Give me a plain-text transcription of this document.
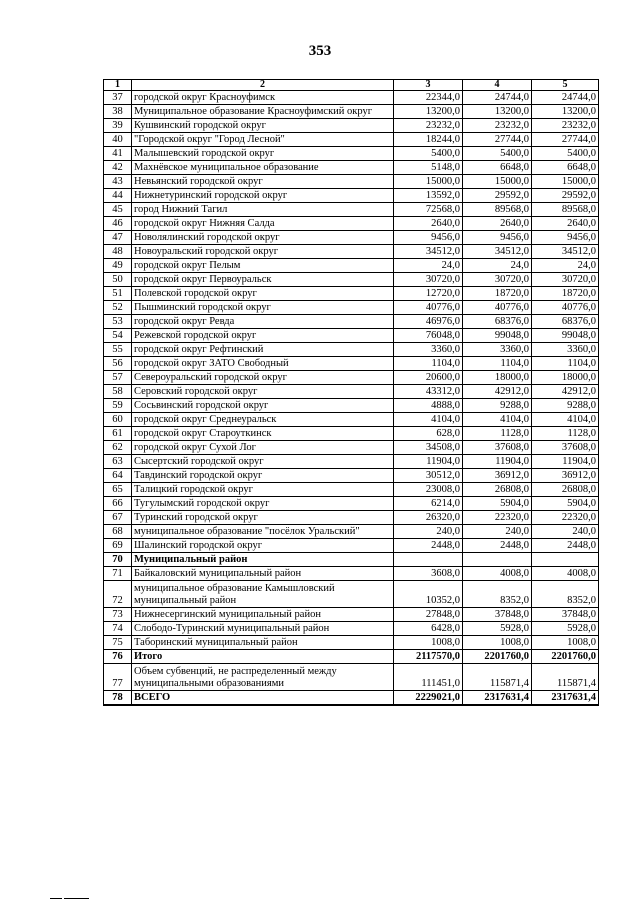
353
1	2	3	4	5
37	городской округ Красноуфимск	22344,0	24744,0	24744,0
38	Муниципальное образование Красноуфимский округ	13200,0	13200,0	13200,0
39	Кушвинский городской округ	23232,0	23232,0	23232,0
40	"Городской округ "Город Лесной"	18244,0	27744,0	27744,0
41	Малышевский городской округ	5400,0	5400,0	5400,0
42	Махнёвское муниципальное образование	5148,0	6648,0	6648,0
43	Невьянский городской округ	15000,0	15000,0	15000,0
44	Нижнетуринский городской округ	13592,0	29592,0	29592,0
45	город Нижний Тагил	72568,0	89568,0	89568,0
46	городской округ Нижняя Салда	2640,0	2640,0	2640,0
47	Новолялинский городской округ	9456,0	9456,0	9456,0
48	Новоуральский городской округ	34512,0	34512,0	34512,0
49	городской округ Пелым	24,0	24,0	24,0
50	городской округ Первоуральск	30720,0	30720,0	30720,0
51	Полевской городской округ	12720,0	18720,0	18720,0
52	Пышминский городской округ	40776,0	40776,0	40776,0
53	городской округ Ревда	46976,0	68376,0	68376,0
54	Режевской городской округ	76048,0	99048,0	99048,0
55	городской округ Рефтинский	3360,0	3360,0	3360,0
56	городской округ ЗАТО Свободный	1104,0	1104,0	1104,0
57	Североуральский городской округ	20600,0	18000,0	18000,0
58	Серовский городской округ	43312,0	42912,0	42912,0
59	Сосьвинский городской округ	4888,0	9288,0	9288,0
60	городской округ Среднеуральск	4104,0	4104,0	4104,0
61	городской округ Староуткинск	628,0	1128,0	1128,0
62	городской округ Сухой Лог	34508,0	37608,0	37608,0
63	Сысертский городской округ	11904,0	11904,0	11904,0
64	Тавдинский городской округ	30512,0	36912,0	36912,0
65	Талицкий городской округ	23008,0	26808,0	26808,0
66	Тугулымский городской округ	6214,0	5904,0	5904,0
67	Туринский городской округ	26320,0	22320,0	22320,0
68	муниципальное образование "посёлок Уральский"	240,0	240,0	240,0
69	Шалинский городской округ	2448,0	2448,0	2448,0
70	Муниципальный район			
71	Байкаловский муниципальный район	3608,0	4008,0	4008,0
72	муниципальное образование Камышловский муниципальный район	10352,0	8352,0	8352,0
73	Нижнесергинский муниципальный район	27848,0	37848,0	37848,0
74	Слободо-Туринский муниципальный район	6428,0	5928,0	5928,0
75	Таборинский муниципальный район	1008,0	1008,0	1008,0
76	Итого	2117570,0	2201760,0	2201760,0
77	Объем субвенций, не распределенный между муниципальными образованиями	111451,0	115871,4	115871,4
78	ВСЕГО	2229021,0	2317631,4	2317631,4
